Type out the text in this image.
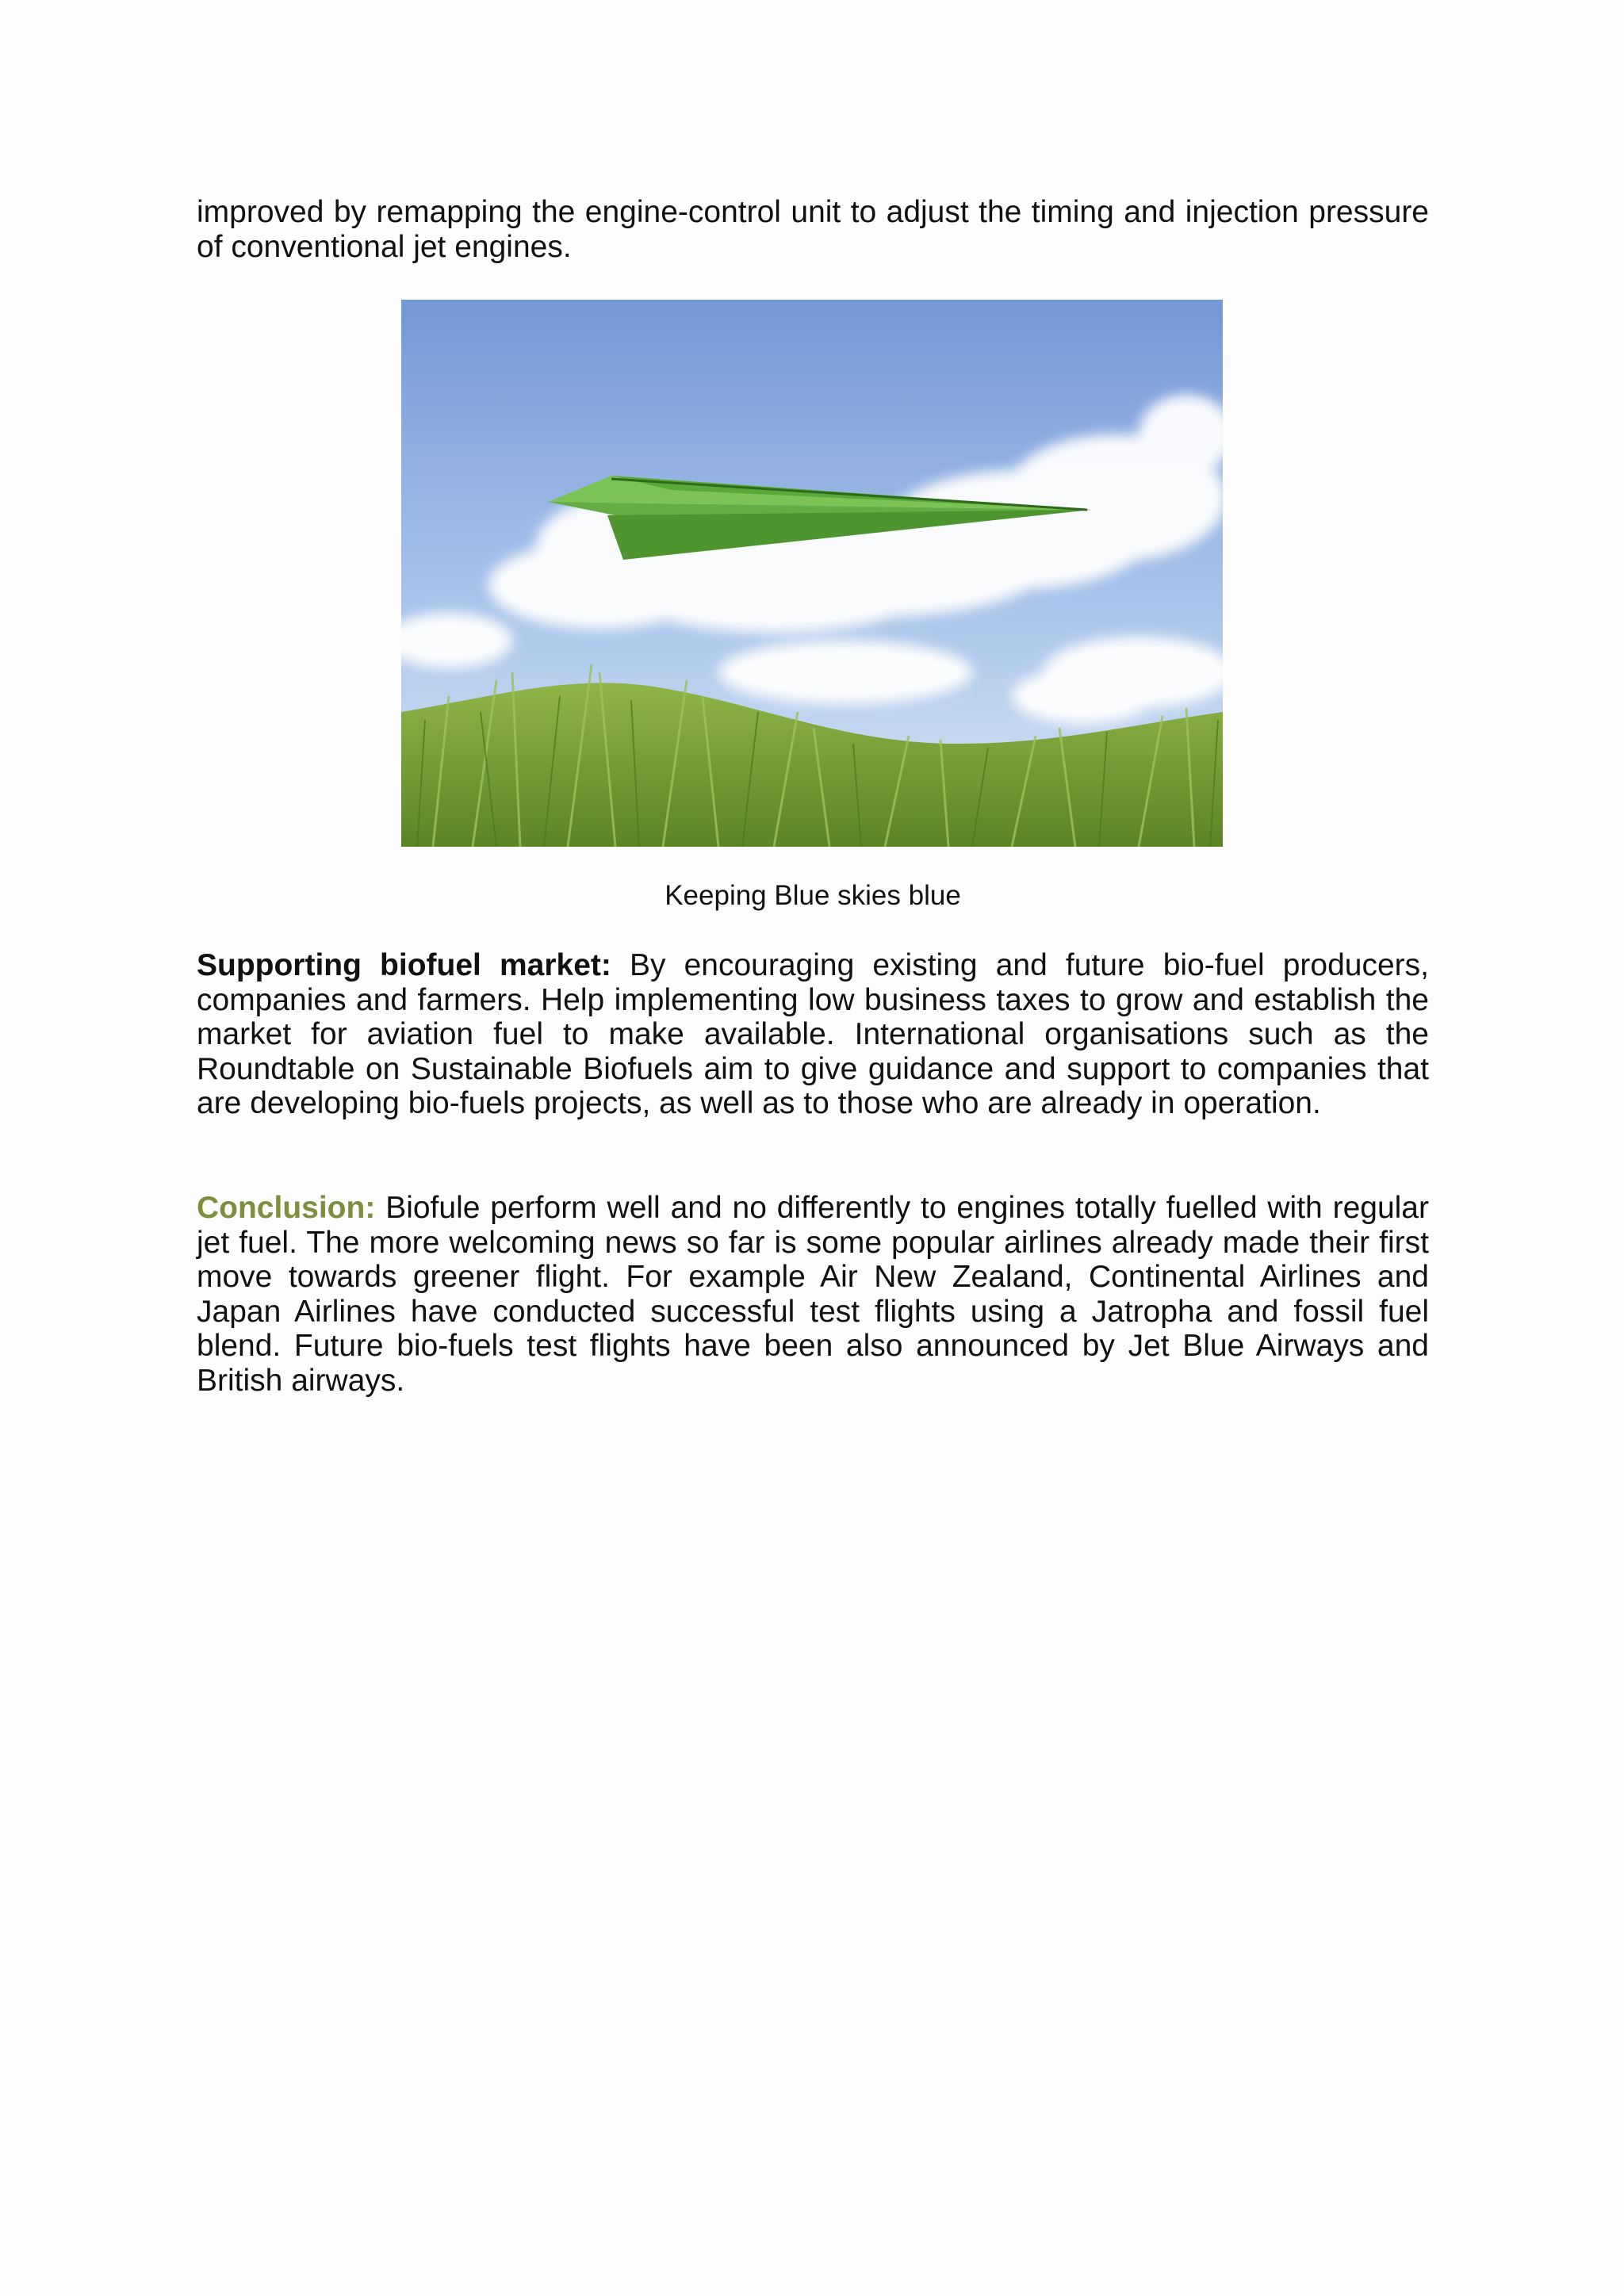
improved by remapping the engine-control unit to adjust the timing and injection pressure of conventional jet engines.

Keeping Blue skies blue

Supporting biofuel market: By encouraging existing and future bio-fuel producers, companies and farmers. Help implementing low business taxes to grow and establish the market for aviation fuel to make available. International organisations such as the Roundtable on Sustainable Biofuels aim to give guidance and support to companies that are developing bio-fuels projects, as well as to those who are already in operation.

Conclusion: Biofule perform well and no differently to engines totally fuelled with regular jet fuel. The more welcoming news so far is some popular airlines already made their first move towards greener flight. For example Air New Zealand, Continental Airlines and Japan Airlines have conducted successful test flights using a Jatropha and fossil fuel blend. Future bio-fuels test flights have been also announced by Jet Blue Airways and British airways.
